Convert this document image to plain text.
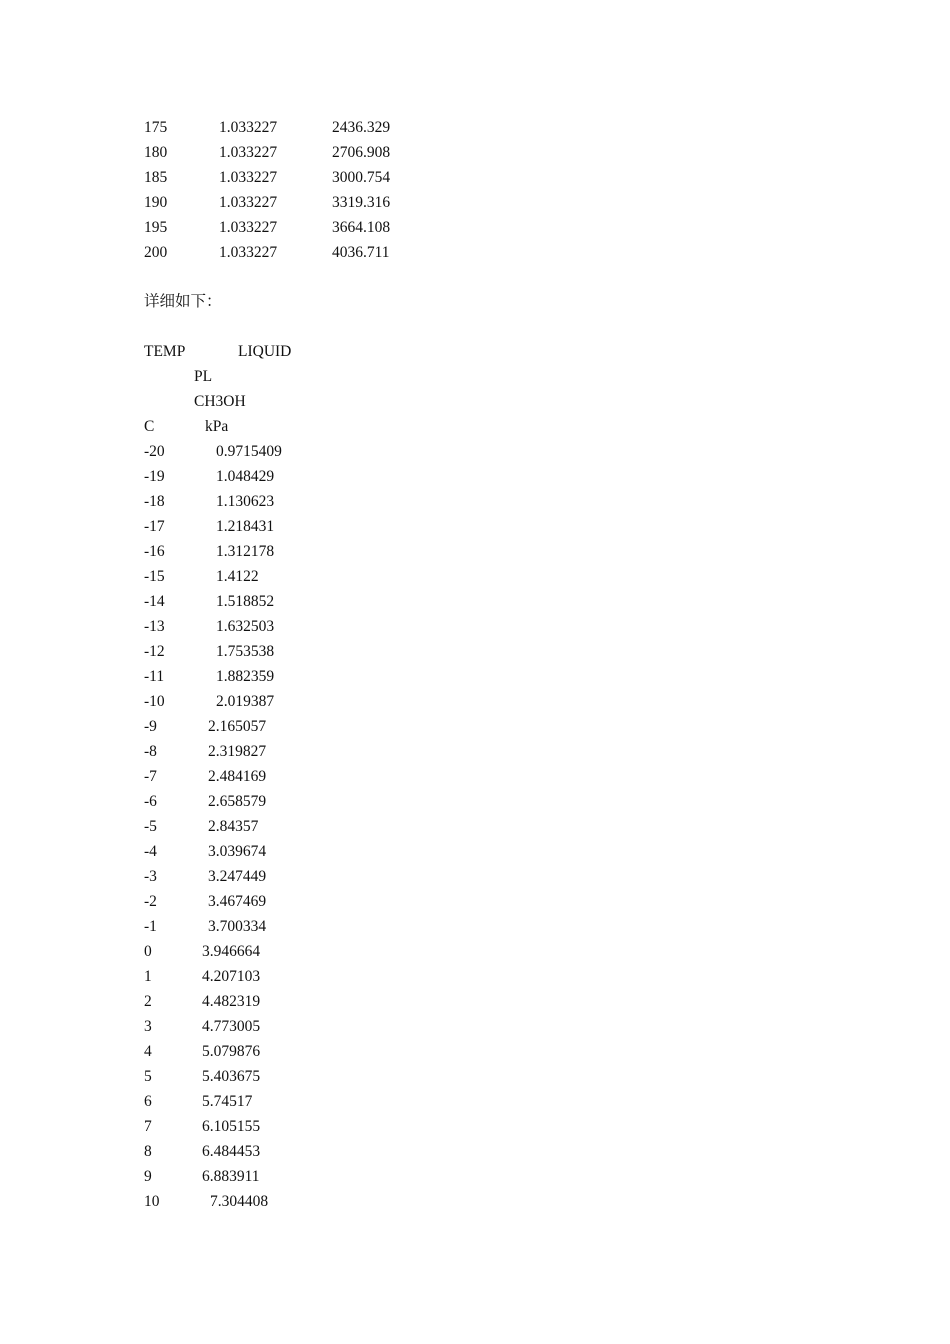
175	1.033227	2436.329
180	1.033227	2706.908
185	1.033227	3000.754
190	1.033227	3319.316
195	1.033227	3664.108
200	1.033227	4036.711
详细如下：
TEMP	LIQUID
PL
CH3OH
C	kPa
-20	0.9715409
-19	1.048429
-18	1.130623
-17	1.218431
-16	1.312178
-15	1.4122
-14	1.518852
-13	1.632503
-12	1.753538
-11	1.882359
-10	2.019387
-9	2.165057
-8	2.319827
-7	2.484169
-6	2.658579
-5	2.84357
-4	3.039674
-3	3.247449
-2	3.467469
-1	3.700334
0	3.946664
1	4.207103
2	4.482319
3	4.773005
4	5.079876
5	5.403675
6	5.74517
7	6.105155
8	6.484453
9	6.883911
10	7.304408
